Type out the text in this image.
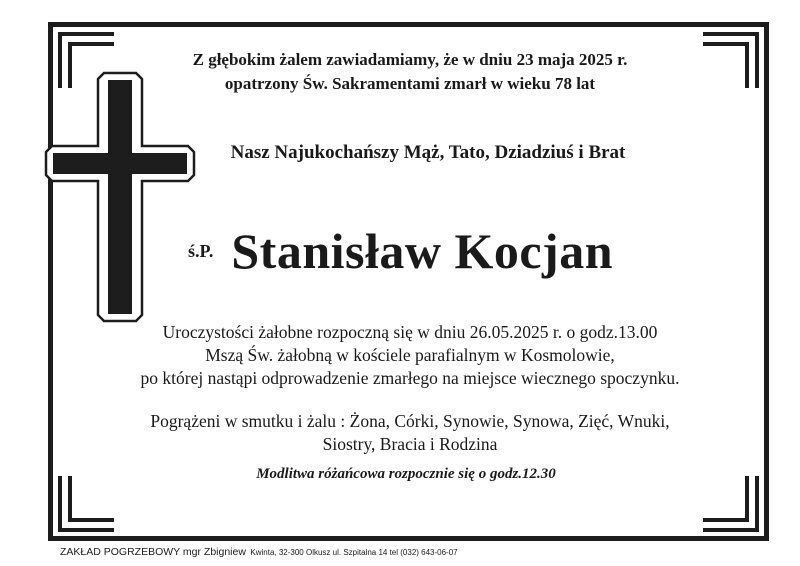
Z głębokim żalem zawiadamiamy, że w dniu 23 maja 2025 r.
opatrzony Św. Sakramentami zmarł w wieku 78 lat
Nasz Najukochańszy Mąż, Tato, Dziadziuś i Brat
ś.P. Stanisław Kocjan
Uroczystości żałobne rozpoczną się w dniu 26.05.2025 r. o godz.13.00
Mszą Św. żałobną w kościele parafialnym w Kosmolowie,
po której nastąpi odprowadzenie zmarłego na miejsce wiecznego spoczynku.
Pogrążeni w smutku i żalu : Żona, Córki, Synowie, Synowa, Zięć, Wnuki,
Siostry, Bracia i Rodzina
Modlitwa różańcowa rozpocznie się o godz.12.30
ZAKŁAD POGRZEBOWY mgr Zbigniew Kwinta, 32-300 Olkusz ul. Szpitalna 14 tel (032) 643-06-07
